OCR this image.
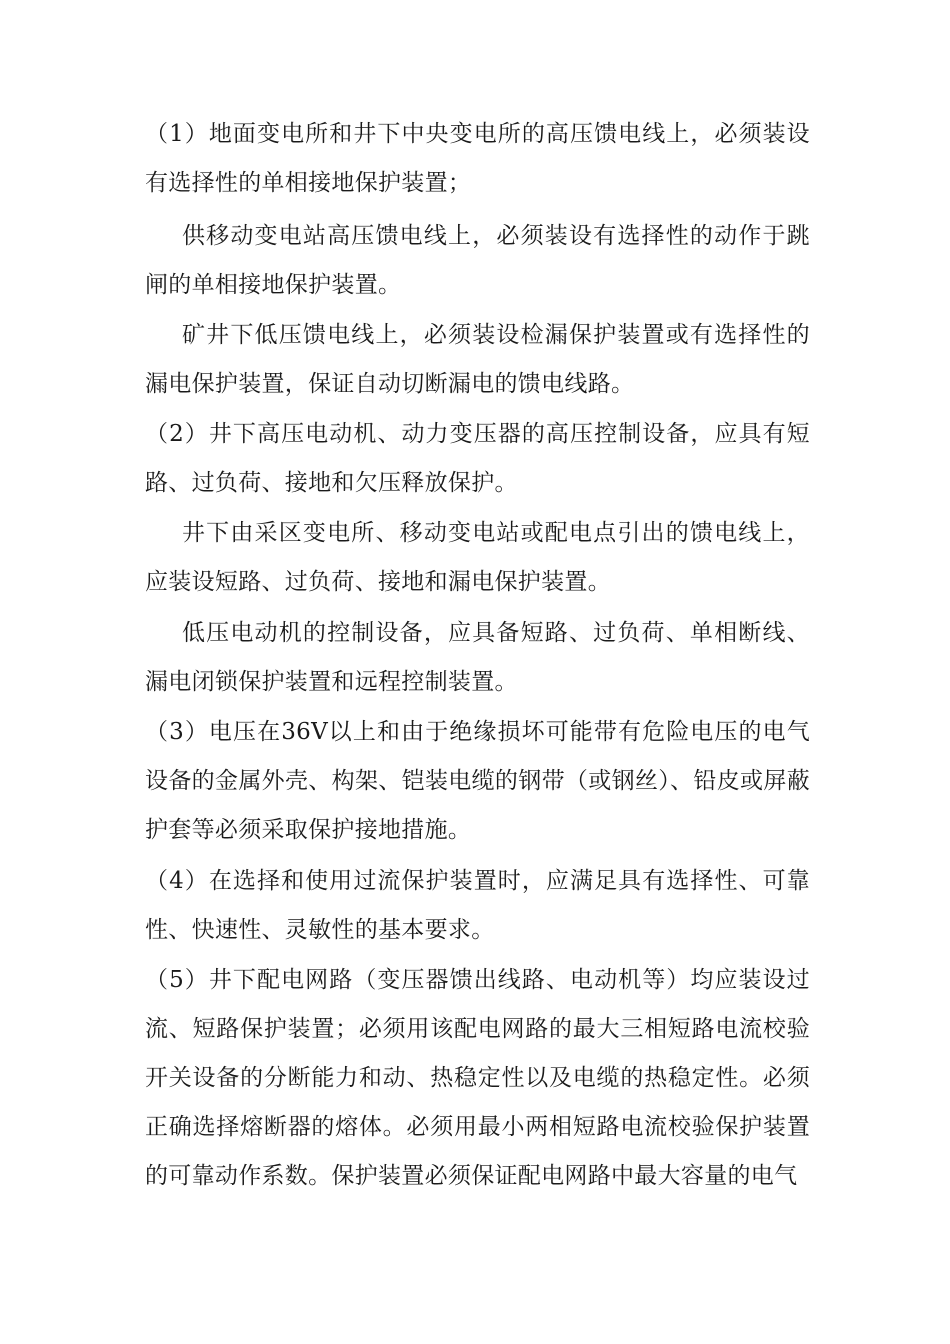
（1）地面变电所和井下中央变电所的高压馈电线上，必须装设有选择性的单相接地保护装置；

供移动变电站高压馈电线上，必须装设有选择性的动作于跳闸的单相接地保护装置。

矿井下低压馈电线上，必须装设检漏保护装置或有选择性的漏电保护装置，保证自动切断漏电的馈电线路。

（2）井下高压电动机、动力变压器的高压控制设备，应具有短路、过负荷、接地和欠压释放保护。

井下由采区变电所、移动变电站或配电点引出的馈电线上，应装设短路、过负荷、接地和漏电保护装置。

低压电动机的控制设备，应具备短路、过负荷、单相断线、漏电闭锁保护装置和远程控制装置。

（3）电压在36V以上和由于绝缘损坏可能带有危险电压的电气设备的金属外壳、构架、铠装电缆的钢带（或钢丝）、铅皮或屏蔽护套等必须采取保护接地措施。

（4）在选择和使用过流保护装置时，应满足具有选择性、可靠性、快速性、灵敏性的基本要求。

（5）井下配电网路（变压器馈出线路、电动机等）均应装设过流、短路保护装置；必须用该配电网路的最大三相短路电流校验开关设备的分断能力和动、热稳定性以及电缆的热稳定性。必须正确选择熔断器的熔体。必须用最小两相短路电流校验保护装置的可靠动作系数。保护装置必须保证配电网路中最大容量的电气
